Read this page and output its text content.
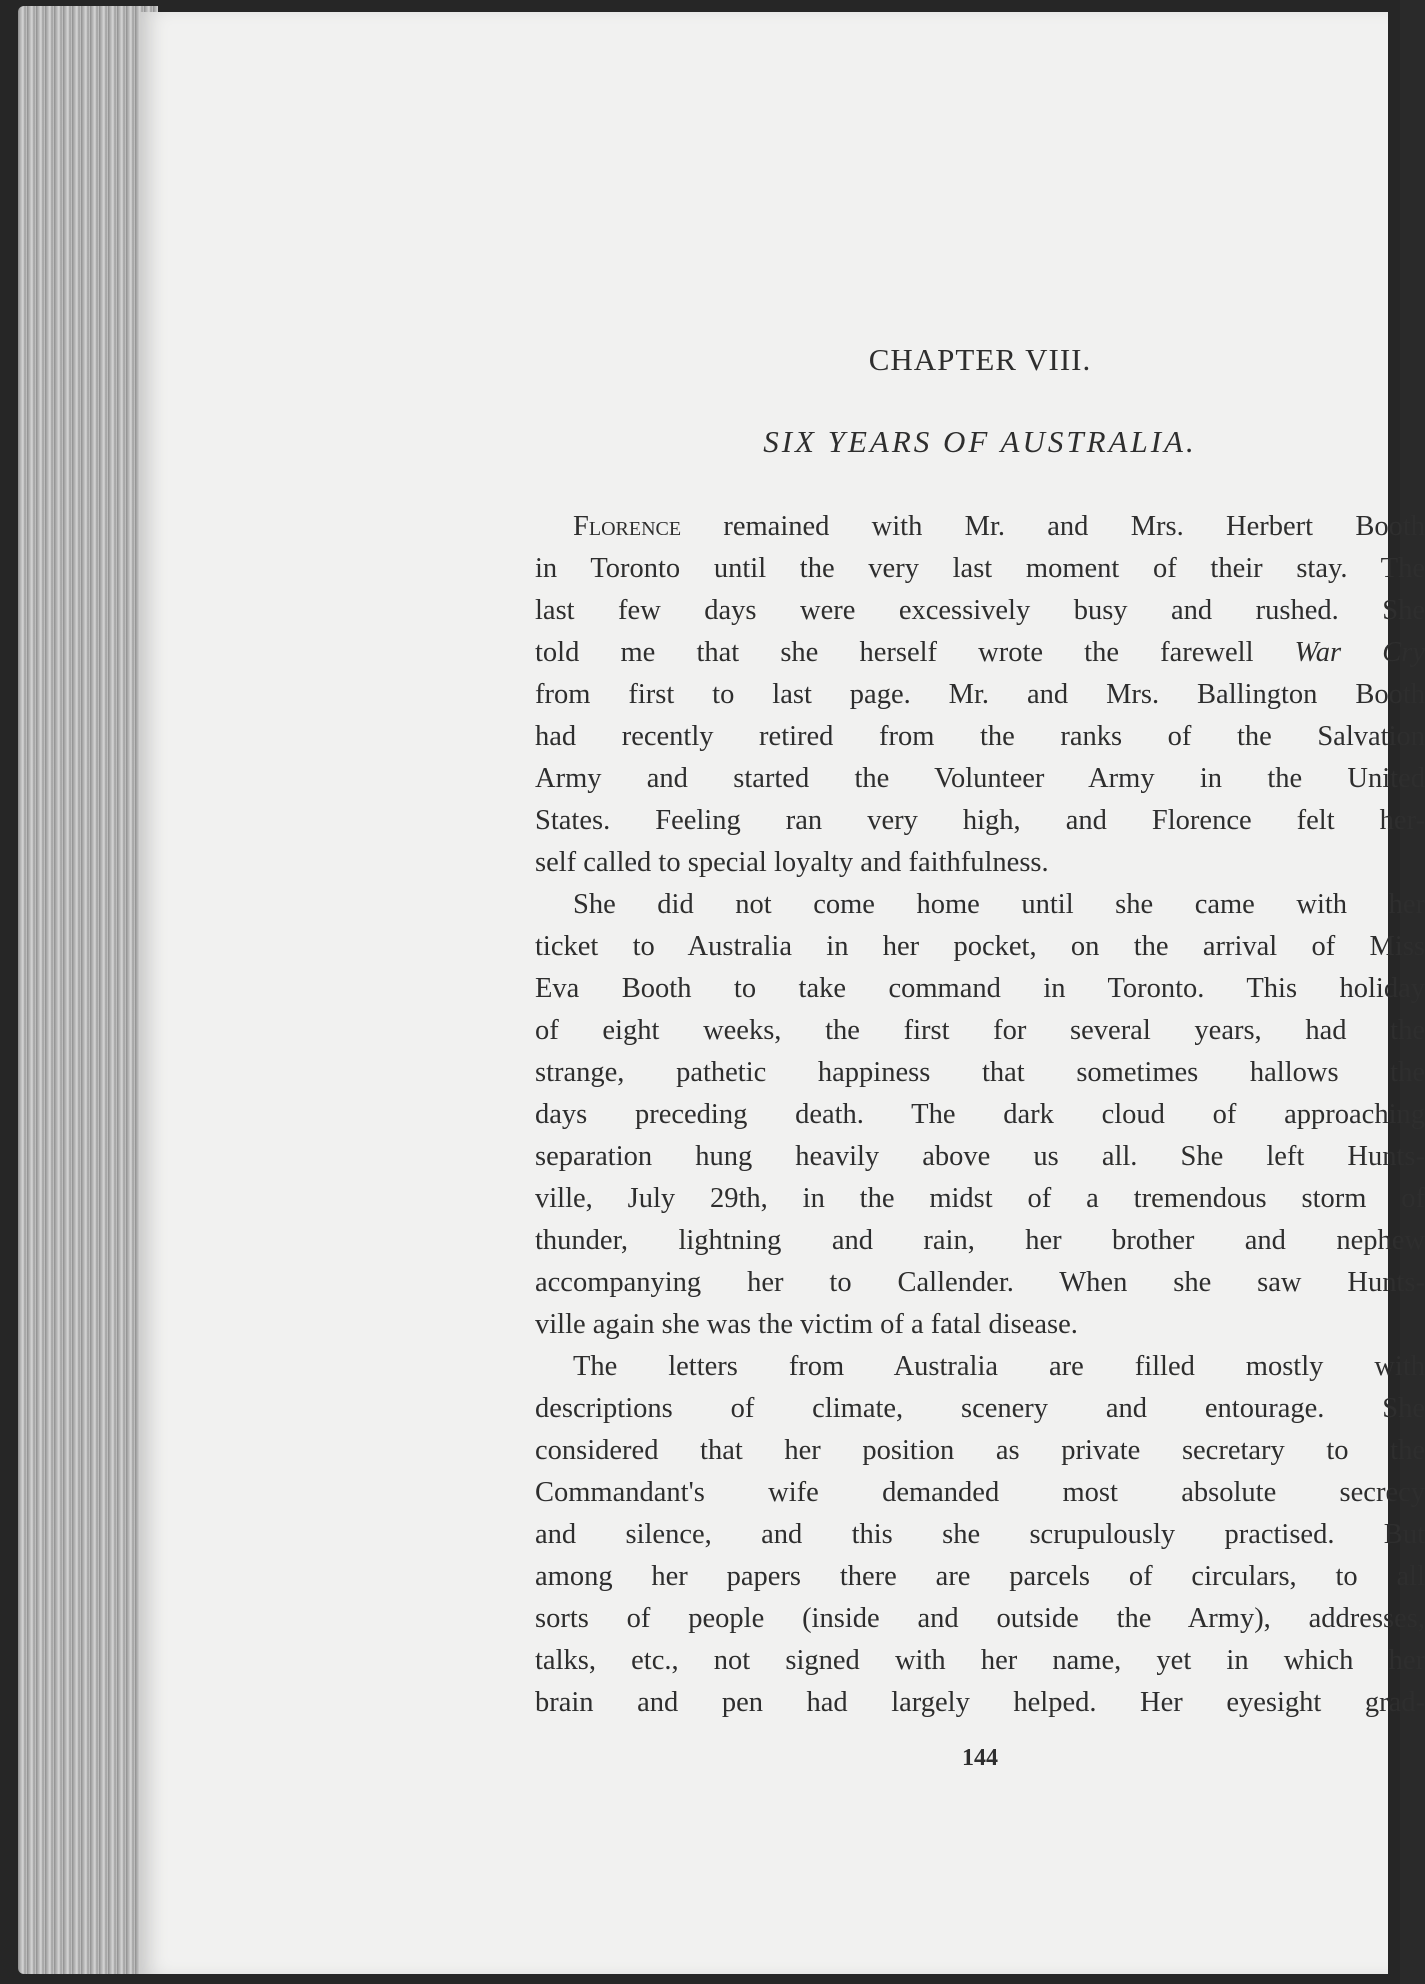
CHAPTER VIII.
SIX YEARS OF AUSTRALIA.
Florence remained with Mr. and Mrs. Herbert Booth
in Toronto until the very last moment of their stay. The
last few days were excessively busy and rushed. She
told me that she herself wrote the farewell War Cry
from first to last page. Mr. and Mrs. Ballington Booth
had recently retired from the ranks of the Salvation
Army and started the Volunteer Army in the United
States. Feeling ran very high, and Florence felt her-
self called to special loyalty and faithfulness.
She did not come home until she came with her
ticket to Australia in her pocket, on the arrival of Miss
Eva Booth to take command in Toronto. This holiday
of eight weeks, the first for several years, had the
strange, pathetic happiness that sometimes hallows the
days preceding death. The dark cloud of approaching
separation hung heavily above us all. She left Hunts-
ville, July 29th, in the midst of a tremendous storm of
thunder, lightning and rain, her brother and nephew
accompanying her to Callender. When she saw Hunts-
ville again she was the victim of a fatal disease.
The letters from Australia are filled mostly with
descriptions of climate, scenery and entourage. She
considered that her position as private secretary to the
Commandant's wife demanded most absolute secrecy
and silence, and this she scrupulously practised. But
among her papers there are parcels of circulars, to all
sorts of people (inside and outside the Army), addresses,
talks, etc., not signed with her name, yet in which her
brain and pen had largely helped. Her eyesight grad-
144
